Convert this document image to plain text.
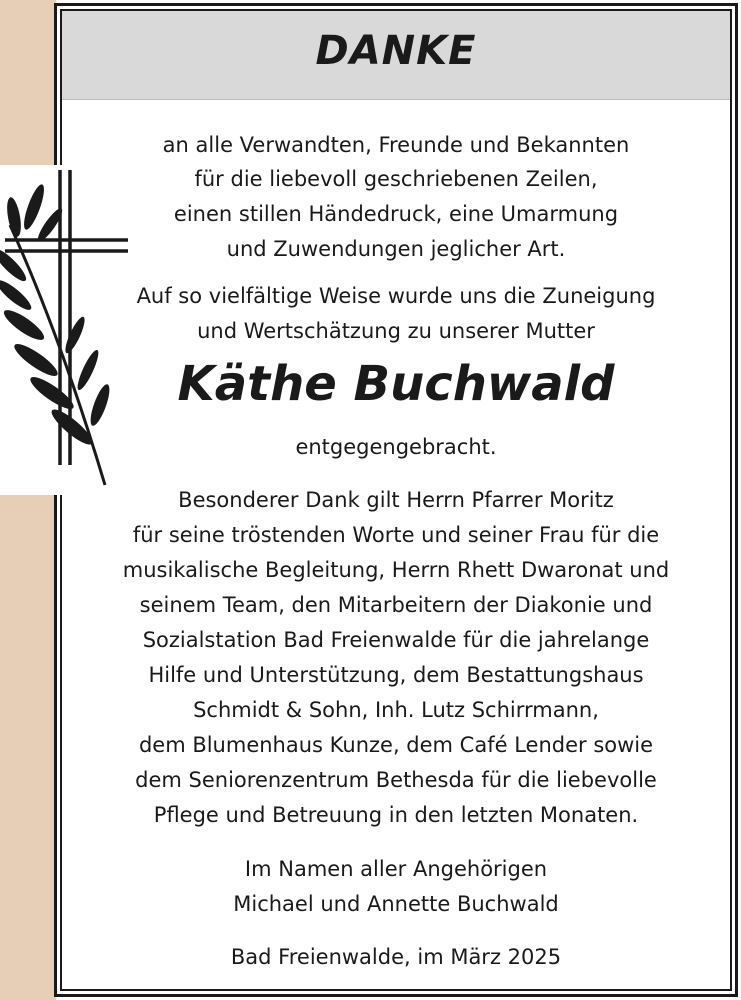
DANKE
an alle Verwandten, Freunde und Bekannten
für die liebevoll geschriebenen Zeilen,
einen stillen Händedruck, eine Umarmung
und Zuwendungen jeglicher Art.
Auf so vielfältige Weise wurde uns die Zuneigung
und Wertschätzung zu unserer Mutter
Käthe Buchwald
entgegengebracht.
Besonderer Dank gilt Herrn Pfarrer Moritz
für seine tröstenden Worte und seiner Frau für die
musikalische Begleitung, Herrn Rhett Dwaronat und
seinem Team, den Mitarbeitern der Diakonie und
Sozialstation Bad Freienwalde für die jahrelange
Hilfe und Unterstützung, dem Bestattungshaus
Schmidt & Sohn, Inh. Lutz Schirrmann,
dem Blumenhaus Kunze, dem Café Lender sowie
dem Seniorenzentrum Bethesda für die liebevolle
Pflege und Betreuung in den letzten Monaten.
Im Namen aller Angehörigen
Michael und Annette Buchwald
Bad Freienwalde, im März 2025
